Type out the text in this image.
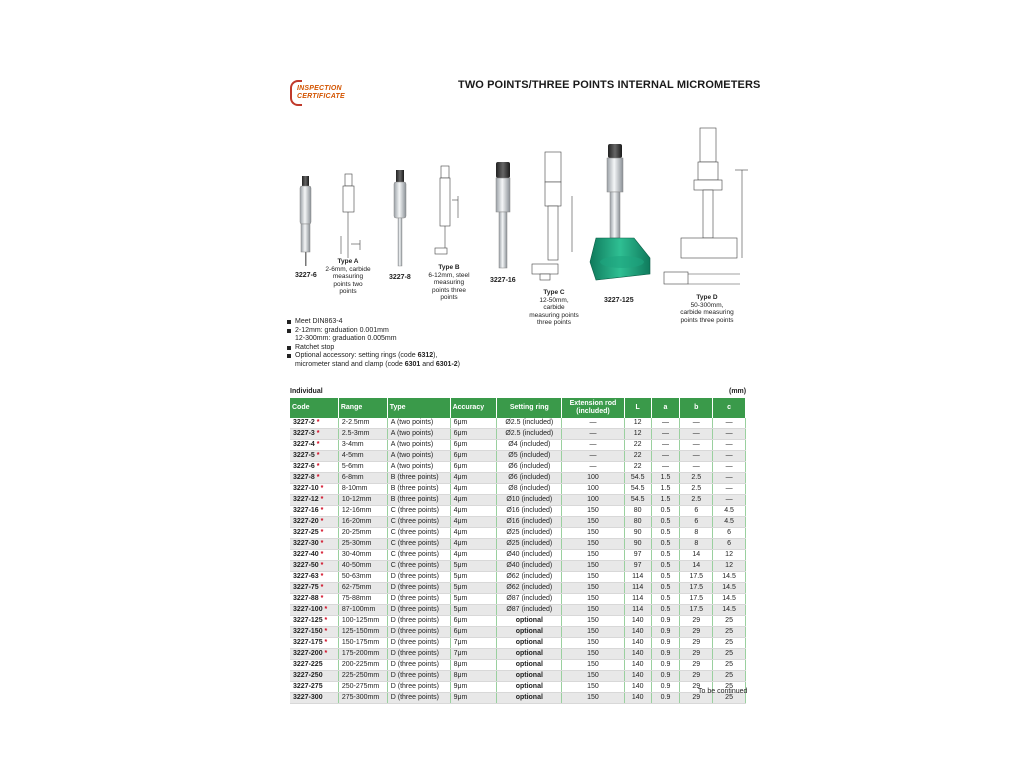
INSPECTION
CERTIFICATE
TWO POINTS/THREE POINTS INTERNAL MICROMETERS
3227-6
Type A
2-6mm, carbide measuring points two points
3227-8
Type B
6-12mm, steel measuring points three points
3227-16
Type C
12-50mm, carbide measuring points three points
3227-125	Type D
50-300mm, carbide measuring points three points
Meet DIN863-4
2-12mm: graduation 0.001mm
12-300mm: graduation 0.005mm
Ratchet stop
Optional accessory: setting rings (code 6312),
micrometer stand and clamp (code 6301 and 6301-2)
Individual	(mm)
Code	Range	Type	Accuracy	Setting ring	Extension rod (included)	L	a	b	c
3227-2 *	2-2.5mm	A (two points)	6μm	Ø2.5 (included)	—	12	—	—	—
3227-3 *	2.5-3mm	A (two points)	6μm	Ø2.5 (included)	—	12	—	—	—
3227-4 *	3-4mm	A (two points)	6μm	Ø4 (included)	—	22	—	—	—
3227-5 *	4-5mm	A (two points)	6μm	Ø5 (included)	—	22	—	—	—
3227-6 *	5-6mm	A (two points)	6μm	Ø6 (included)	—	22	—	—	—
3227-8 *	6-8mm	B (three points)	4μm	Ø6 (included)	100	54.5	1.5	2.5	—
3227-10 *	8-10mm	B (three points)	4μm	Ø8 (included)	100	54.5	1.5	2.5	—
3227-12 *	10-12mm	B (three points)	4μm	Ø10 (included)	100	54.5	1.5	2.5	—
3227-16 *	12-16mm	C (three points)	4μm	Ø16 (included)	150	80	0.5	6	4.5
3227-20 *	16-20mm	C (three points)	4μm	Ø16 (included)	150	80	0.5	6	4.5
3227-25 *	20-25mm	C (three points)	4μm	Ø25 (included)	150	90	0.5	8	6
3227-30 *	25-30mm	C (three points)	4μm	Ø25 (included)	150	90	0.5	8	6
3227-40 *	30-40mm	C (three points)	4μm	Ø40 (included)	150	97	0.5	14	12
3227-50 *	40-50mm	C (three points)	5μm	Ø40 (included)	150	97	0.5	14	12
3227-63 *	50-63mm	D (three points)	5μm	Ø62 (included)	150	114	0.5	17.5	14.5
3227-75 *	62-75mm	D (three points)	5μm	Ø62 (included)	150	114	0.5	17.5	14.5
3227-88 *	75-88mm	D (three points)	5μm	Ø87 (included)	150	114	0.5	17.5	14.5
3227-100 *	87-100mm	D (three points)	5μm	Ø87 (included)	150	114	0.5	17.5	14.5
3227-125 *	100-125mm	D (three points)	6μm	optional	150	140	0.9	29	25
3227-150 *	125-150mm	D (three points)	6μm	optional	150	140	0.9	29	25
3227-175 *	150-175mm	D (three points)	7μm	optional	150	140	0.9	29	25
3227-200 *	175-200mm	D (three points)	7μm	optional	150	140	0.9	29	25
3227-225	200-225mm	D (three points)	8μm	optional	150	140	0.9	29	25
3227-250	225-250mm	D (three points)	8μm	optional	150	140	0.9	29	25
3227-275	250-275mm	D (three points)	9μm	optional	150	140	0.9	29	25
3227-300	275-300mm	D (three points)	9μm	optional	150	140	0.9	29	25
To be continued
